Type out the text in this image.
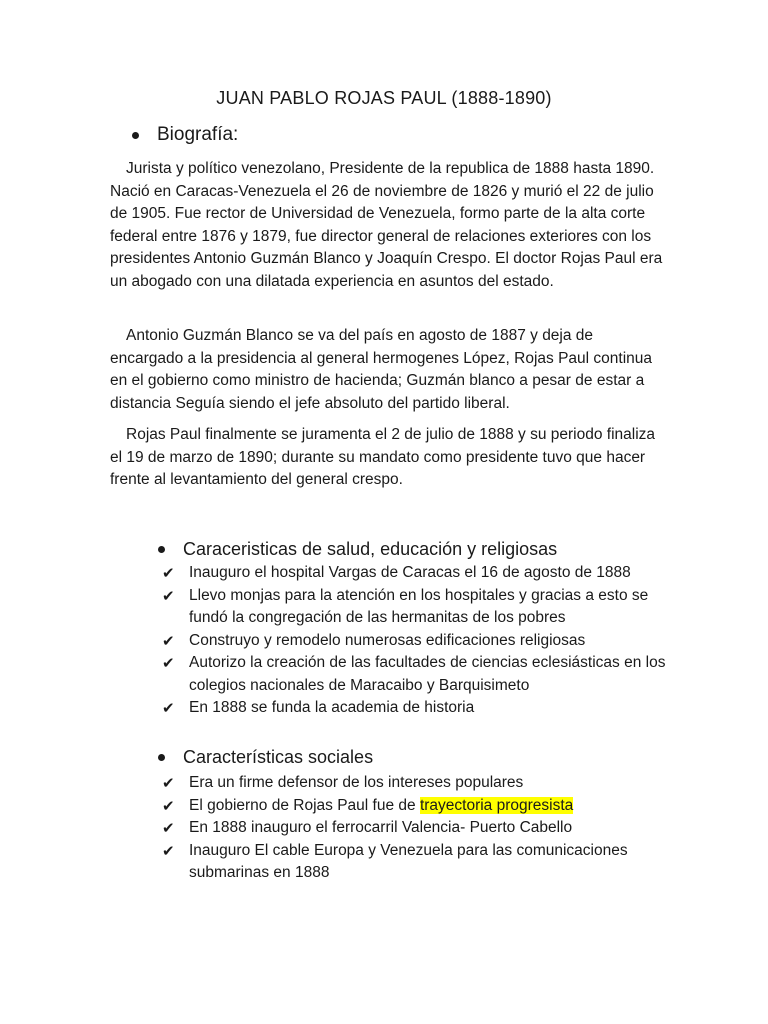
JUAN PABLO ROJAS PAUL (1888-1890)
Biografía:

Jurista y político venezolano, Presidente de la republica de 1888 hasta 1890. Nació en Caracas-Venezuela el 26 de noviembre de 1826 y murió el 22 de julio de 1905. Fue rector de Universidad de Venezuela, formo parte de la alta corte federal entre 1876 y 1879, fue director general de relaciones exteriores con los presidentes Antonio Guzmán Blanco y Joaquín Crespo. El doctor Rojas Paul era un abogado con una dilatada experiencia en asuntos del estado.

Antonio Guzmán Blanco se va del país en agosto de 1887 y deja de encargado a la presidencia al general hermogenes López, Rojas Paul continua en el gobierno como ministro de hacienda; Guzmán blanco a pesar de estar a distancia Seguía siendo el jefe absoluto del partido liberal.

Rojas Paul finalmente se juramenta el 2 de julio de 1888 y su periodo finaliza el 19 de marzo de 1890; durante su mandato como presidente tuvo que hacer frente al levantamiento del general crespo.

Caraceristicas de salud, educación y religiosas
✔ Inauguro el hospital Vargas de Caracas el 16 de agosto de 1888
✔ Llevo monjas para la atención en los hospitales y gracias a esto se fundó la congregación de las hermanitas de los pobres
✔ Construyo y remodelo numerosas edificaciones religiosas
✔ Autorizo la creación de las facultades de ciencias eclesiásticas en los colegios nacionales de Maracaibo y Barquisimeto
✔ En 1888 se funda la academia de historia
Características sociales
✔ Era un firme defensor de los intereses populares
✔ El gobierno de Rojas Paul fue de trayectoria progresista
✔ En 1888 inauguro el ferrocarril Valencia- Puerto Cabello
✔ Inauguro El cable Europa y Venezuela para las comunicaciones submarinas en 1888
